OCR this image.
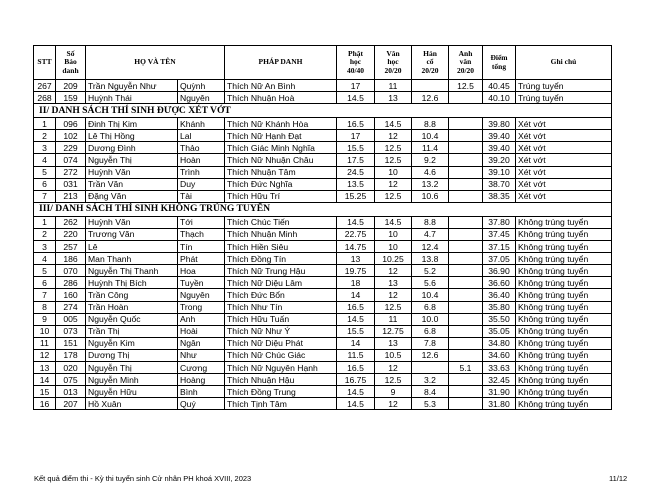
STT	Số
Báo
danh	HỌ VÀ TÊN		PHÁP DANH	Phật
học
40/40	Văn
học
20/20	Hán
cổ
20/20	Anh
văn
20/20	Điểm
tổng	Ghi chú
267	209	Trần Nguyễn Như	Quỳnh	Thích Nữ An Bình	17	11		12.5	40.45	Trúng tuyển
268	159	Huỳnh Thái	Nguyên	Thích Nhuận Hoà	14.5	13	12.6		40.10	Trúng tuyển
II/ DANH SÁCH THÍ SINH ĐƯỢC XÉT VỚT										
1	096	Đinh Thị Kim	Khánh	Thích Nữ Khánh Hòa	16.5	14.5	8.8		39.80	Xét vớt
2	102	Lê Thị Hồng	Lal	Thích Nữ Hạnh Đạt	17	12	10.4		39.40	Xét vớt
3	229	Dương Đình	Thảo	Thích Giác Minh Nghĩa	15.5	12.5	11.4		39.40	Xét vớt
4	074	Nguyễn Thị	Hoàn	Thích Nữ Nhuận Châu	17.5	12.5	9.2		39.20	Xét vớt
5	272	Huỳnh Văn	Trình	Thích Nhuận Tâm	24.5	10	4.6		39.10	Xét vớt
6	031	Trần Văn	Duy	Thích Đức Nghĩa	13.5	12	13.2		38.70	Xét vớt
7	213	Đặng Văn	Tài	Thích Hữu Trí	15.25	12.5	10.6		38.35	Xét vớt
III/ DANH SÁCH THÍ SINH KHÔNG TRÚNG TUYỂN										
1	262	Huỳnh Văn	Tới	Thích Chúc Tiến	14.5	14.5	8.8		37.80	Không trúng tuyển
2	220	Trương Văn	Thạch	Thích Nhuận Minh	22.75	10	4.7		37.45	Không trúng tuyển
3	257	Lê	Tín	Thích Hiền Siêu	14.75	10	12.4		37.15	Không trúng tuyển
4	186	Man Thanh	Phát	Thích Đồng Tín	13	10.25	13.8		37.05	Không trúng tuyển
5	070	Nguyễn Thị Thanh	Hoa	Thích Nữ Trung Hậu	19.75	12	5.2		36.90	Không trúng tuyển
6	286	Huỳnh Thị Bích	Tuyền	Thích Nữ Diệu Lâm	18	13	5.6		36.60	Không trúng tuyển
7	160	Trần Công	Nguyên	Thích Đức Bổn	14	12	10.4		36.40	Không trúng tuyển
8	274	Trần Hoàn	Trong	Thích Như Tín	16.5	12.5	6.8		35.80	Không trúng tuyển
9	005	Nguyễn Quốc	Anh	Thích Hữu Tuấn	14.5	11	10.0		35.50	Không trúng tuyển
10	073	Trần Thị	Hoài	Thích Nữ Như Ý	15.5	12.75	6.8		35.05	Không trúng tuyển
11	151	Nguyễn Kim	Ngân	Thích Nữ Diệu Phát	14	13	7.8		34.80	Không trúng tuyển
12	178	Dương Thị	Như	Thích Nữ Chúc Giác	11.5	10.5	12.6		34.60	Không trúng tuyển
13	020	Nguyễn Thị	Cương	Thích Nữ Nguyên Hạnh	16.5	12		5.1	33.63	Không trúng tuyển
14	075	Nguyễn Minh	Hoàng	Thích Nhuận Hậu	16.75	12.5	3.2		32.45	Không trúng tuyển
15	013	Nguyễn Hữu	Bình	Thích Đồng Trung	14.5	9	8.4		31.90	Không trúng tuyển
16	207	Hồ Xuân	Quý	Thích Tịnh Tâm	14.5	12	5.3		31.80	Không trúng tuyển
Kết quả điểm thi - Kỳ thi tuyển sinh Cử nhân PH khoá XVIII, 2023	11/12
